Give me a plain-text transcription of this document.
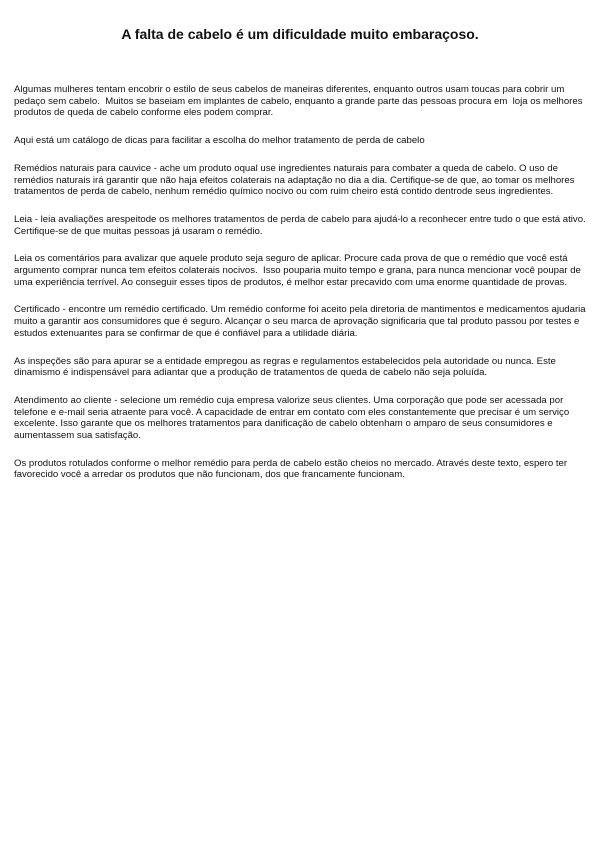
A falta de cabelo é um dificuldade muito embaraçoso.

Algumas mulheres tentam encobrir o estilo de seus cabelos de maneiras diferentes, enquanto outros usam toucas para cobrir um pedaço sem cabelo.  Muitos se baseiam em implantes de cabelo, enquanto a grande parte das pessoas procura em  loja os melhores produtos de queda de cabelo conforme eles podem comprar.

Aqui está um catálogo de dicas para facilitar a escolha do melhor tratamento de perda de cabelo

Remédios naturais para cauvice - ache um produto oqual use ingredientes naturais para combater a queda de cabelo. O uso de remédios naturais irá garantir que não haja efeitos colaterais na adaptação no dia a dia. Certifique-se de que, ao tomar os melhores tratamentos de perda de cabelo, nenhum remédio químico nocivo ou com ruim cheiro está contido dentrode seus ingredientes.

Leia - leia avaliações arespeitode os melhores tratamentos de perda de cabelo para ajudá-lo a reconhecer entre tudo o que está ativo. Certifique-se de que muitas pessoas já usaram o remédio.

Leia os comentários para avalizar que aquele produto seja seguro de aplicar. Procure cada prova de que o remédio que você está argumento comprar nunca tem efeitos colaterais nocivos.  Isso pouparia muito tempo e grana, para nunca mencionar você poupar de uma experiência terrível. Ao conseguir esses tipos de produtos, é melhor estar precavido com uma enorme quantidade de provas.

Certificado - encontre um remédio certificado. Um remédio conforme foi aceito pela diretoria de mantimentos e medicamentos ajudaria muito a garantir aos consumidores que é seguro. Alcançar o seu marca de aprovação significaria que tal produto passou por testes e estudos extenuantes para se confirmar de que é confiável para a utilidade diária.

As inspeções são para apurar se a entidade empregou as regras e regulamentos estabelecidos pela autoridade ou nunca. Este dinamismo é indispensável para adiantar que a produção de tratamentos de queda de cabelo não seja poluída.

Atendimento ao cliente - selecione um remédio cuja empresa valorize seus clientes. Uma corporação que pode ser acessada por telefone e e-mail seria atraente para você. A capacidade de entrar em contato com eles constantemente que precisar é um serviço excelente. Isso garante que os melhores tratamentos para danificação de cabelo obtenham o amparo de seus consumidores e aumentassem sua satisfação.

Os produtos rotulados conforme o melhor remédio para perda de cabelo estão cheios no mercado. Através deste texto, espero ter favorecido você a arredar os produtos que não funcionam, dos que francamente funcionam.
